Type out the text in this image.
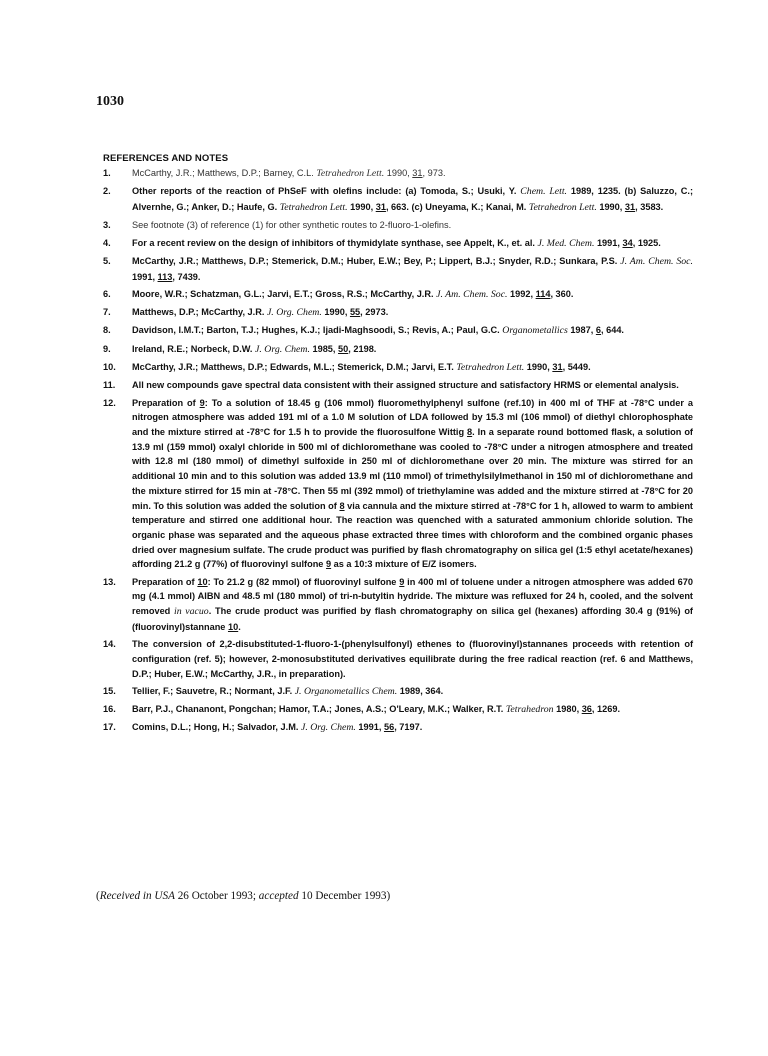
1030
REFERENCES AND NOTES
1.	McCarthy, J.R.; Matthews, D.P.; Barney, C.L. Tetrahedron Lett. 1990, 31, 973.
2.	Other reports of the reaction of PhSeF with olefins include: (a) Tomoda, S.; Usuki, Y. Chem. Lett. 1989, 1235. (b) Saluzzo, C.; Alvernhe, G.; Anker, D.; Haufe, G. Tetrahedron Lett. 1990, 31, 663. (c) Uneyama, K.; Kanai, M. Tetrahedron Lett. 1990, 31, 3583.
3.	See footnote (3) of reference (1) for other synthetic routes to 2-fluoro-1-olefins.
4.	For a recent review on the design of inhibitors of thymidylate synthase, see Appelt, K., et. al. J. Med. Chem. 1991, 34, 1925.
5.	McCarthy, J.R.; Matthews, D.P.; Stemerick, D.M.; Huber, E.W.; Bey, P.; Lippert, B.J.; Snyder, R.D.; Sunkara, P.S. J. Am. Chem. Soc. 1991, 113, 7439.
6.	Moore, W.R.; Schatzman, G.L.; Jarvi, E.T.; Gross, R.S.; McCarthy, J.R. J. Am. Chem. Soc. 1992, 114, 360.
7.	Matthews, D.P.; McCarthy, J.R. J. Org. Chem. 1990, 55, 2973.
8.	Davidson, I.M.T.; Barton, T.J.; Hughes, K.J.; Ijadi-Maghsoodi, S.; Revis, A.; Paul, G.C. Organometallics 1987, 6, 644.
9.	Ireland, R.E.; Norbeck, D.W. J. Org. Chem. 1985, 50, 2198.
10.	McCarthy, J.R.; Matthews, D.P.; Edwards, M.L.; Stemerick, D.M.; Jarvi, E.T. Tetrahedron Lett. 1990, 31, 5449.
11.	All new compounds gave spectral data consistent with their assigned structure and satisfactory HRMS or elemental analysis.
12.	Preparation of 9: To a solution of 18.45 g (106 mmol) fluoromethylphenyl sulfone (ref.10) in 400 ml of THF at -78°C under a nitrogen atmosphere was added 191 ml of a 1.0 M solution of LDA followed by 15.3 ml (106 mmol) of diethyl chlorophosphate and the mixture stirred at -78°C for 1.5 h to provide the fluorosulfone Wittig 8. In a separate round bottomed flask, a solution of 13.9 ml (159 mmol) oxalyl chloride in 500 ml of dichloromethane was cooled to -78°C under a nitrogen atmosphere and treated with 12.8 ml (180 mmol) of dimethyl sulfoxide in 250 ml of dichloromethane over 20 min. The mixture was stirred for an additional 10 min and to this solution was added 13.9 ml (110 mmol) of trimethylsilylmethanol in 150 ml of dichloromethane and the mixture stirred for 15 min at -78°C. Then 55 ml (392 mmol) of triethylamine was added and the mixture stirred at -78°C for 20 min. To this solution was added the solution of 8 via cannula and the mixture stirred at -78°C for 1 h, allowed to warm to ambient temperature and stirred one additional hour. The reaction was quenched with a saturated ammonium chloride solution. The organic phase was separated and the aqueous phase extracted three times with chloroform and the combined organic phases dried over magnesium sulfate. The crude product was purified by flash chromatography on silica gel (1:5 ethyl acetate/hexanes) affording 21.2 g (77%) of fluorovinyl sulfone 9 as a 10:3 mixture of E/Z isomers.
13.	Preparation of 10: To 21.2 g (82 mmol) of fluorovinyl sulfone 9 in 400 ml of toluene under a nitrogen atmosphere was added 670 mg (4.1 mmol) AIBN and 48.5 ml (180 mmol) of tri-n-butyltin hydride. The mixture was refluxed for 24 h, cooled, and the solvent removed in vacuo. The crude product was purified by flash chromatography on silica gel (hexanes) affording 30.4 g (91%) of (fluorovinyl)stannane 10.
14.	The conversion of 2,2-disubstituted-1-fluoro-1-(phenylsulfonyl) ethenes to (fluorovinyl)stannanes proceeds with retention of configuration (ref. 5); however, 2-monosubstituted derivatives equilibrate during the free radical reaction (ref. 6 and Matthews, D.P.; Huber, E.W.; McCarthy, J.R., in preparation).
15.	Tellier, F.; Sauvetre, R.; Normant, J.F. J. Organometallics Chem. 1989, 364.
16.	Barr, P.J., Chananont, Pongchan; Hamor, T.A.; Jones, A.S.; O'Leary, M.K.; Walker, R.T. Tetrahedron 1980, 36, 1269.
17.	Comins, D.L.; Hong, H.; Salvador, J.M. J. Org. Chem. 1991, 56, 7197.
(Received in USA 26 October 1993; accepted 10 December 1993)
